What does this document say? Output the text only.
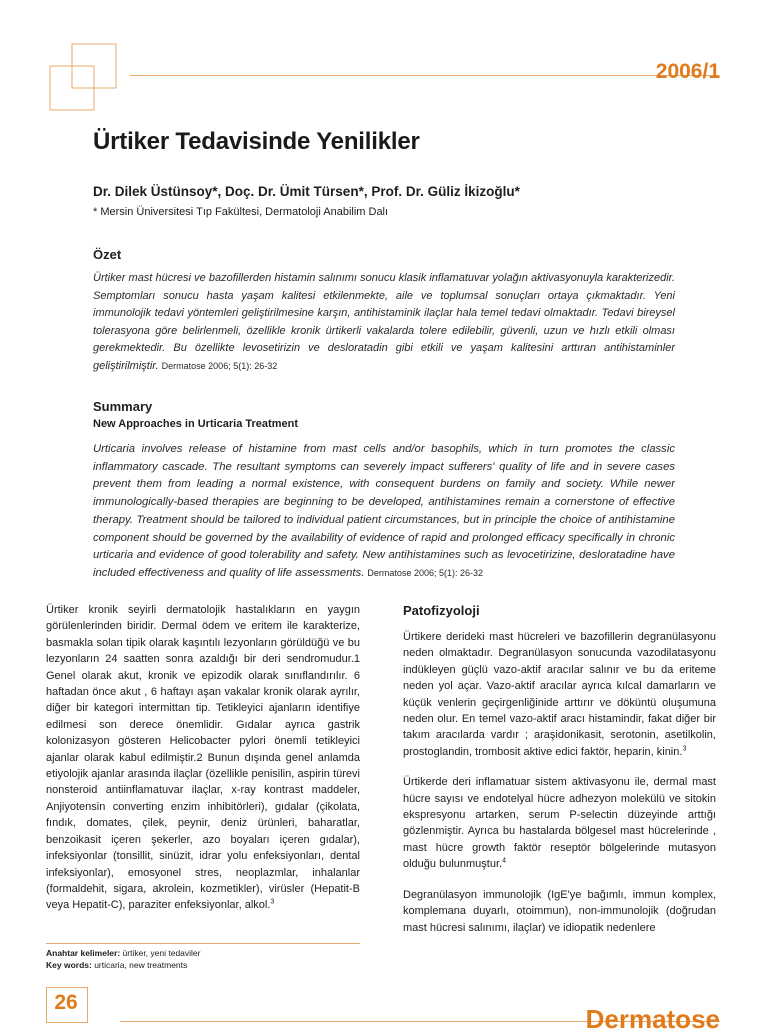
2006/1
Ürtiker Tedavisinde Yenilikler
Dr. Dilek Üstünsoy*, Doç. Dr. Ümit Türsen*, Prof. Dr. Güliz İkizoğlu*
* Mersin Üniversitesi Tıp Fakültesi, Dermatoloji Anabilim Dalı
Özet

Ürtiker mast hücresi ve bazofillerden histamin salınımı sonucu klasik inflamatuvar yolağın aktivasyonuyla karakterizedir. Semptomları sonucu hasta yaşam kalitesi etkilenmekte, aile ve toplumsal sonuçları ortaya çıkmaktadır. Yeni immunolojik tedavi yöntemleri geliştirilmesine karşın, antihistaminik ilaçlar hala temel tedavi olmaktadır. Tedavi bireysel tolerasyona göre belirlenmeli, özellikle kronik ürtikerli vakalarda tolere edilebilir, güvenli, uzun ve hızlı etkili olması gerekmektedir. Bu özellikte levosetirizin ve desloratadin gibi etkili ve yaşam kalitesini arttıran antihistaminler geliştirilmiştir. Dermatose 2006; 5(1): 26-32

Summary
New Approaches in Urticaria Treatment

Urticaria involves release of histamine from mast cells and/or basophils, which in turn promotes the classic inflammatory cascade. The resultant symptoms can severely impact sufferers' quality of life and in severe cases prevent them from leading a normal existence, with consequent burdens on family and society. While newer immunologically-based therapies are beginning to be developed, antihistamines remain a cornerstone of effective therapy. Treatment should be tailored to individual patient circumstances, but in principle the choice of antihistamine component should be governed by the availability of evidence of rapid and prolonged efficacy specifically in chronic urticaria and evidence of good tolerability and safety. New antihistamines such as levocetirizine, desloratadine have included effectiveness and quality of life assessments. Dermatose 2006; 5(1): 26-32

Ürtiker kronik seyirli dermatolojik hastalıkların en yaygın görülenlerinden biridir. Dermal ödem ve eritem ile karakterize, basmakla solan tipik olarak kaşıntılı lezyonların görüldüğü ve bu lezyonların 24 saatten sonra azaldığı bir deri sendromudur.1 Genel olarak akut, kronik ve epizodik olarak sınıflandırılır. 6 haftadan önce akut , 6 haftayı aşan vakalar kronik olarak ayrılır, diğer bir kategori intermittan tip. Tetikleyici ajanların identifiye edilmesi son derece önemlidir. Gıdalar ayrıca gastrik kolonizasyon gösteren Helicobacter pylori önemli tetikleyici ajanlar olarak kabul edilmiştir.2 Bunun dışında genel anlamda etiyolojik ajanlar arasında ilaçlar (özellikle penisilin, aspirin türevi nonsteroid antiinflamatuvar ilaçlar, x-ray kontrast maddeler, Anjiyotensin converting enzim inhibitörleri), gıdalar (çikolata, fındık, domates, çilek, peynir, deniz ürünleri, baharatlar, benzoikasit içeren şekerler, azo boyaları içeren gıdalar), infeksiyonlar (tonsillit, sinüzit, idrar yolu enfeksiyonları, dental infeksiyonlar), emosyonel stres, neoplazmlar, inhalanlar (formaldehit, sigara, akrolein, kozmetikler), virüsler (Hepatit-B veya Hepatit-C), paraziter enfeksiyonlar, alkol.$^3$

Anahtar kelimeler: ürtiker, yeni tedaviler
Key words: urticaria, new treatments
Patofizyoloji

Ürtikere derideki mast hücreleri ve bazofillerin degranülasyonu neden olmaktadır. Degranülasyon sonucunda vazodilatasyonu indükleyen güçlü vazo-aktif aracılar salınır ve bu da eriteme neden yol açar. Vazo-aktif aracılar ayrıca kılcal damarların ve küçük venlerin geçirgenliğinide arttırır ve döküntü oluşumuna neden olur. En temel vazo-aktif aracı histamindir, fakat diğer bir takım aracılarda vardır ; araşidonikasit, serotonin, asetilkolin, prostoglandin, trombosit aktive edici faktör, heparin, kinin.$^3$

Ürtikerde deri inflamatuar sistem aktivasyonu ile, dermal mast hücre sayısı ve endotelyal hücre adhezyon molekülü ve sitokin ekspresyonu artarken, serum P-selectin düzeyinde arttığı gözlenmiştir. Ayrıca bu hastalarda bölgesel mast hücrelerinde , mast hücre growth faktör reseptör bölgelerinde mutasyon olduğu bulunmuştur.$^4$

Degranülasyon immunolojik (IgE'ye bağımlı, immun komplex, komplemana duyarlı, otoimmun), non-immunolojik (doğrudan mast hücresi salınımı, ilaçlar) ve idiopatik nedenlere

26
Dermatose
